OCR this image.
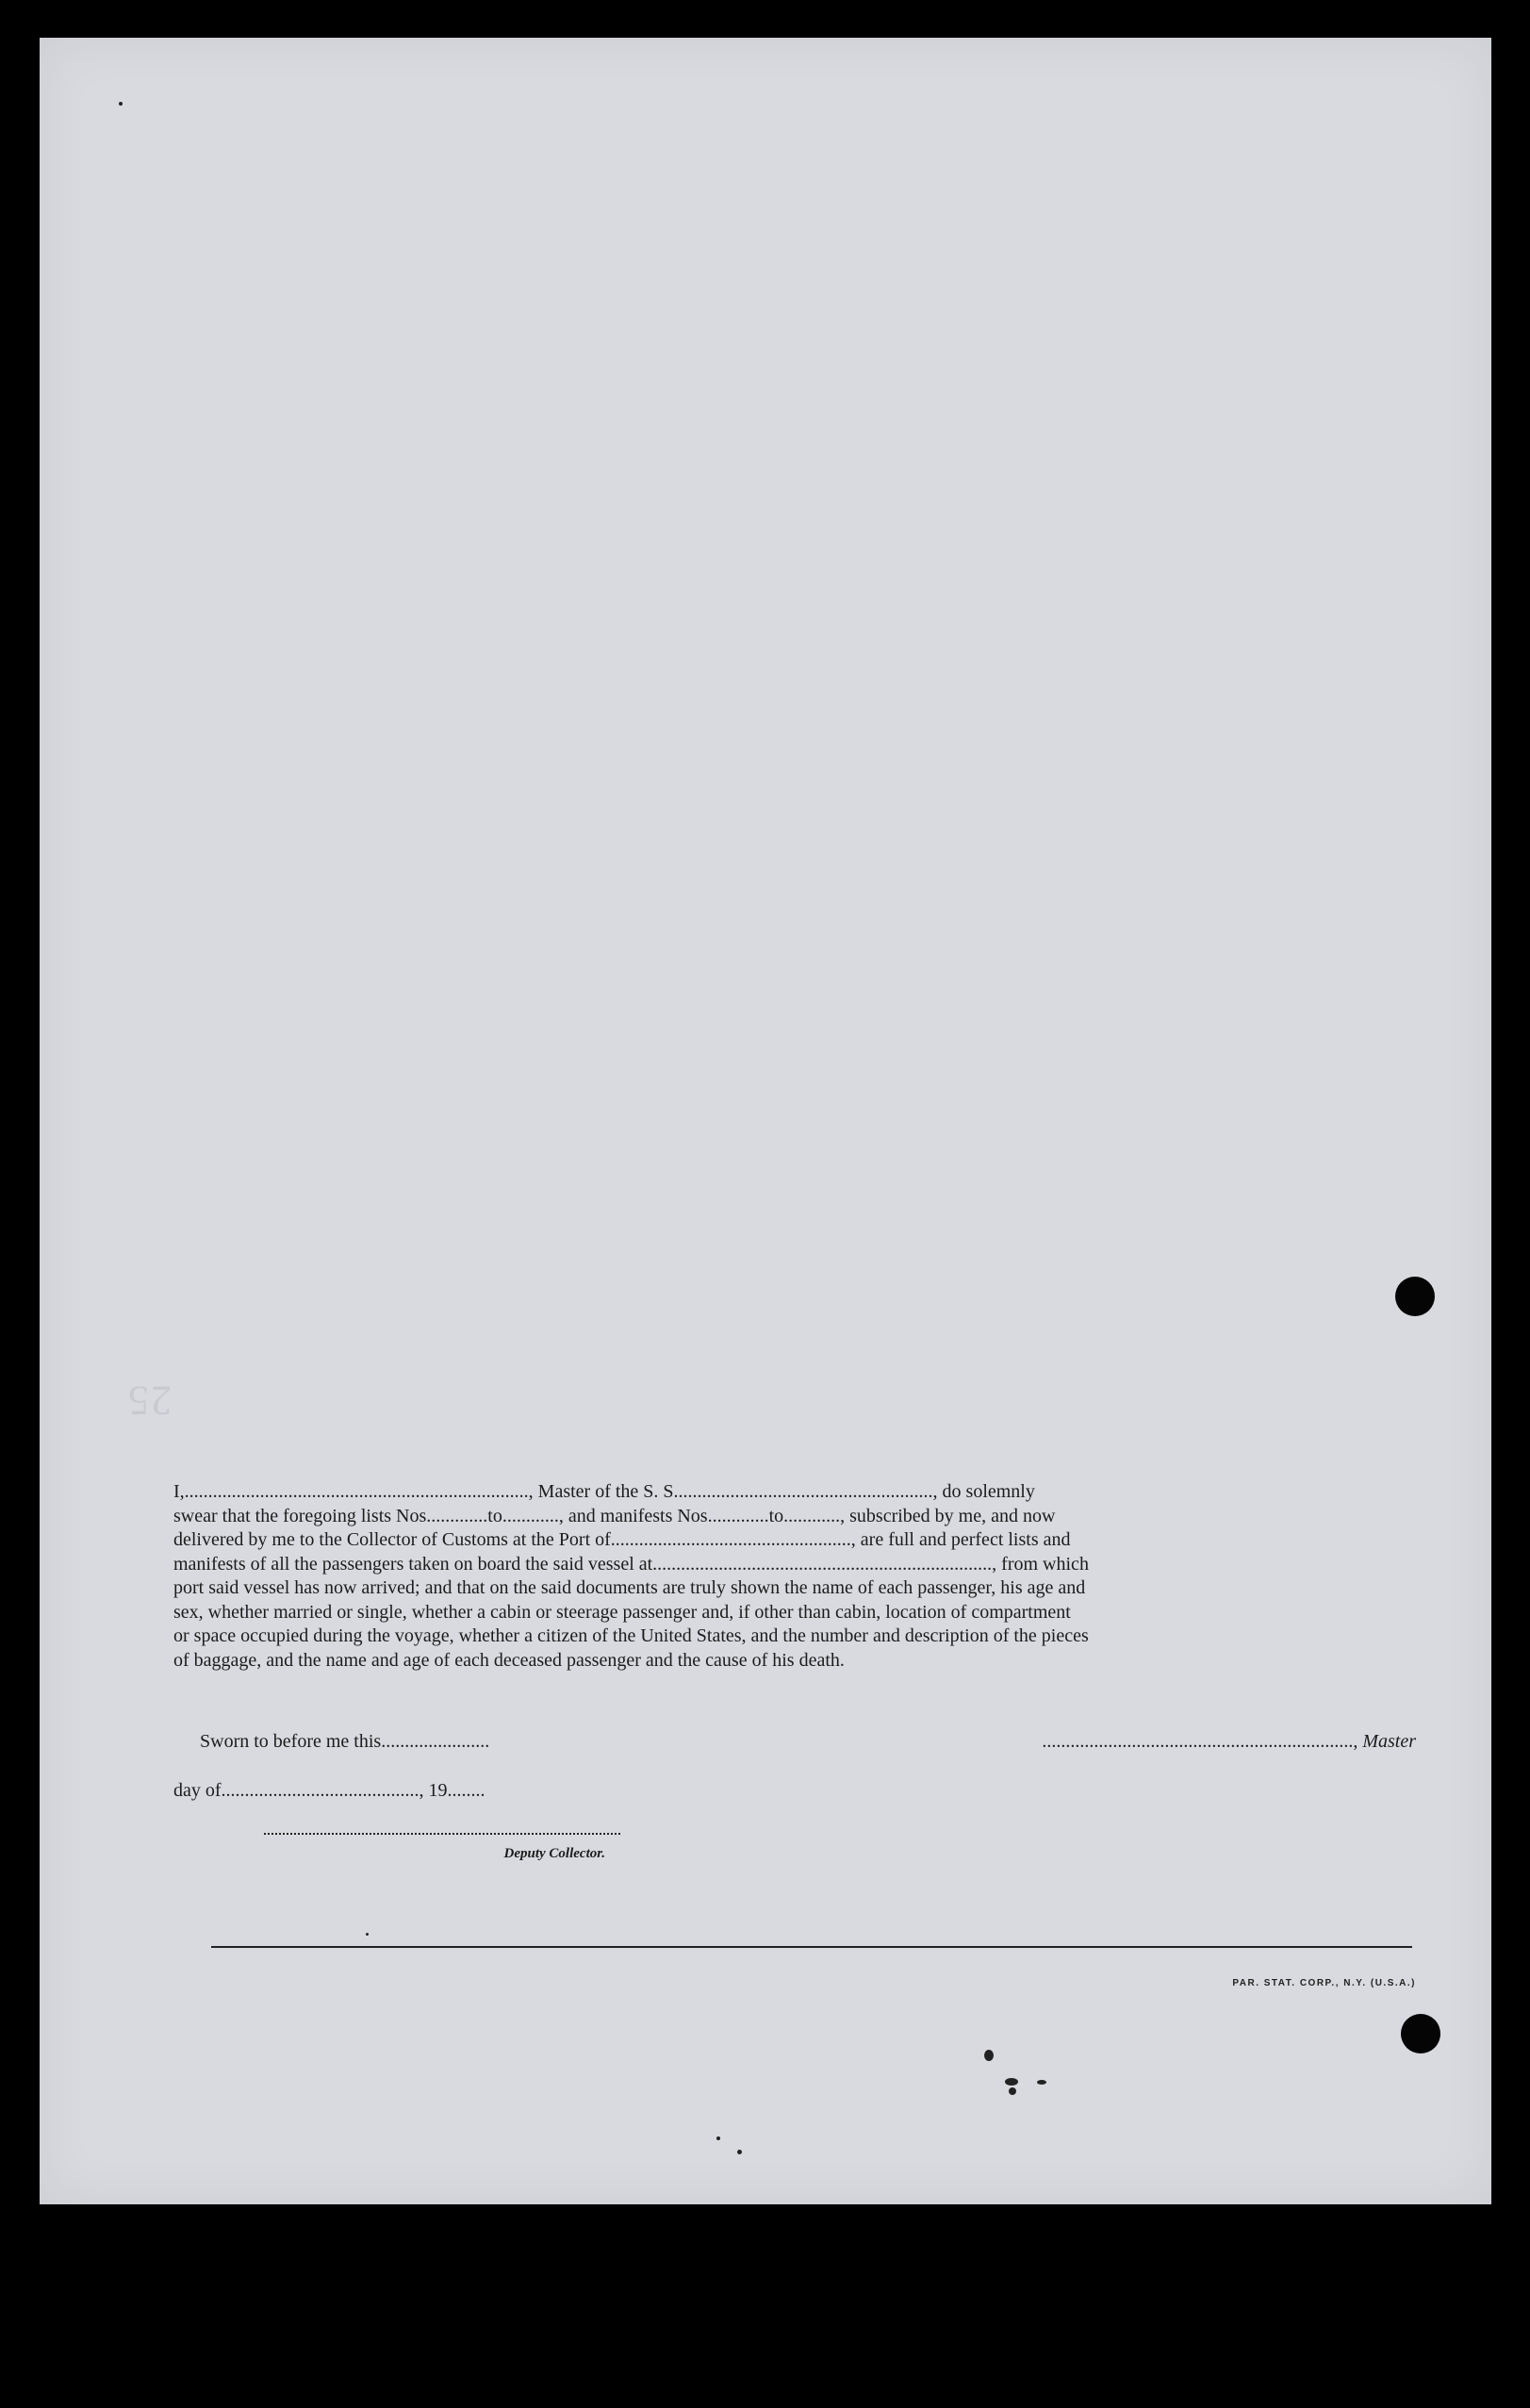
25
I,........................................................................., Master of the S. S......................................................., do solemnly
swear that the foregoing lists Nos.............to............, and manifests Nos.............to............, subscribed by me, and now
delivered by me to the Collector of Customs at the Port of..................................................., are full and perfect lists and
manifests of all the passengers taken on board the said vessel at........................................................................, from which
port said vessel has now arrived; and that on the said documents are truly shown the name of each passenger, his age and
sex, whether married or single, whether a cabin or steerage passenger and, if other than cabin, location of compartment
or space occupied during the voyage, whether a citizen of the United States, and the number and description of the pieces
of baggage, and the name and age of each deceased passenger and the cause of his death.
Sworn to before me this.......................	.................................................................., Master
day of.........................................., 19........
Deputy Collector.
PAR. STAT. CORP., N.Y. (U.S.A.)
